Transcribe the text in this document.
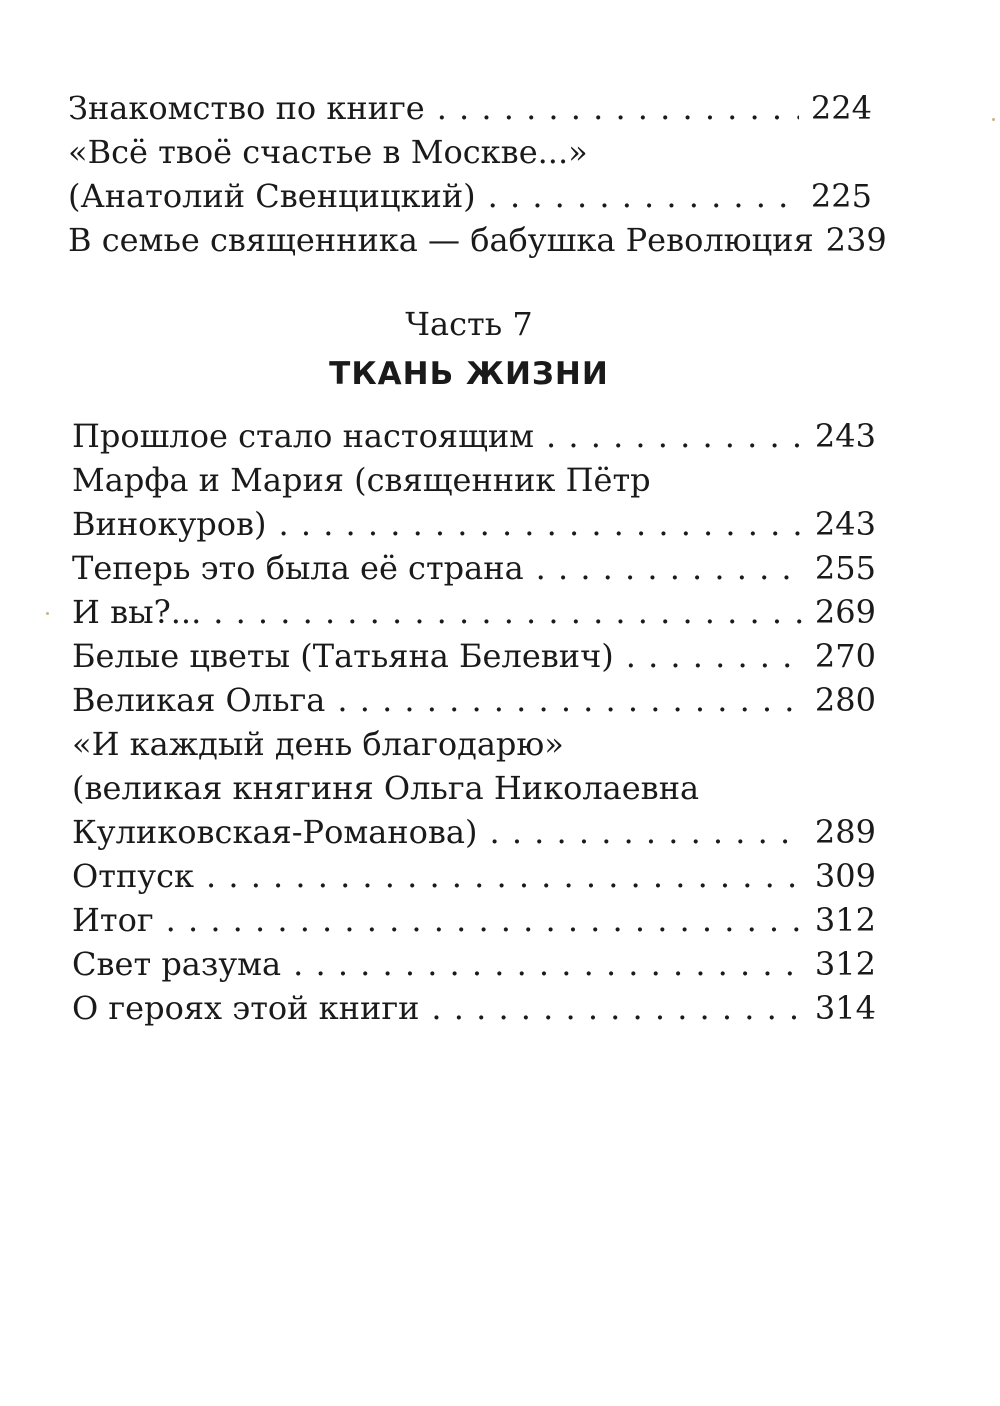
Знакомство по книге . . .	224
«Всё твоё счастье в Москве...»
(Анатолий Свенцицкий) . . .	225
В семье священника — бабушка Революция 239
Часть 7
ТКАНЬ ЖИЗНИ
Прошлое стало настоящим . . .	243
Марфа и Мария (священник Пётр
Винокуров) . . .	243
Теперь это была её страна . . .	255
И вы?... . . .	269
Белые цветы (Татьяна Белевич) . . .	270
Великая Ольга . . .	280
«И каждый день благодарю»
(великая княгиня Ольга Николаевна
Куликовская-Романова) . . .	289
Отпуск . . .	309
Итог . . .	312
Свет разума . . .	312
О героях этой книги . . .	314
